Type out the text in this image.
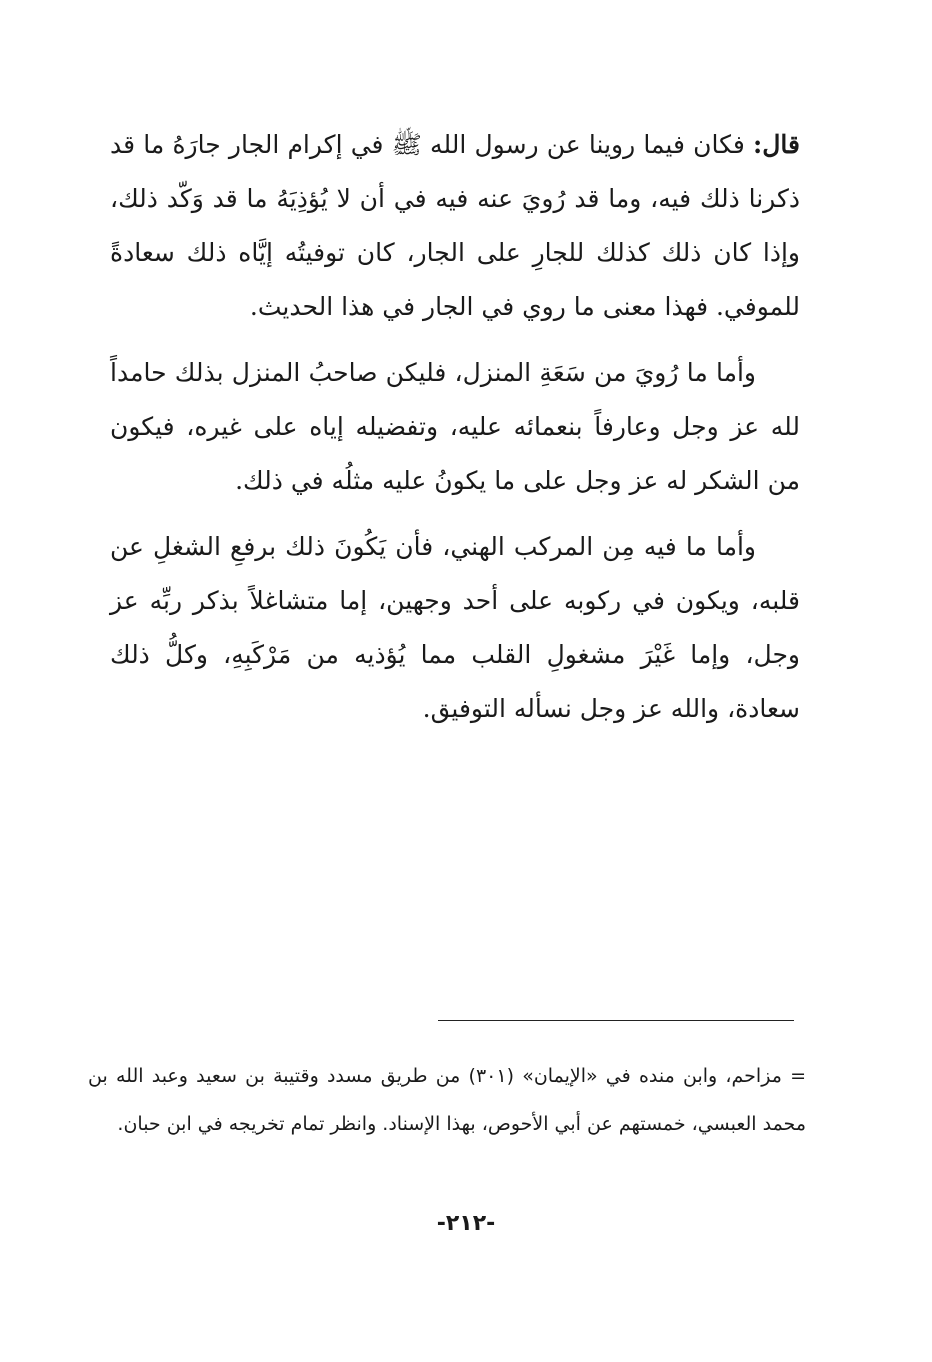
قال: فكان فيما روينا عن رسول الله ﷺ في إكرام الجار جارَهُ ما قد ذكرنا ذلك فيه، وما قد رُويَ عنه فيه في أن لا يُؤذِيَهُ ما قد وَكّد ذلك، وإذا كان ذلك كذلك للجارِ على الجار، كان توفيتُه إيَّاه ذلك سعادةً للموفي. فهذا معنى ما روي في الجار في هذا الحديث.

وأما ما رُويَ من سَعَةِ المنزل، فليكن صاحبُ المنزل بذلك حامداً لله عز وجل وعارفاً بنعمائه عليه، وتفضيله إياه على غيره، فيكون من الشكر له عز وجل على ما يكونُ عليه مثلُه في ذلك.

وأما ما فيه مِن المركب الهني، فأن يَكُونَ ذلك برفعِ الشغلِ عن قلبه، ويكون في ركوبه على أحد وجهين، إما متشاغلاً بذكر ربِّه عز وجل، وإما غَيْرَ مشغولِ القلب مما يُؤذيه من مَرْكَبِهِ، وكلُّ ذلك سعادة، والله عز وجل نسأله التوفيق.

= مزاحم، وابن منده في «الإيمان» (٣٠١) من طريق مسدد وقتيبة بن سعيد وعبد الله بن محمد العبسي، خمستهم عن أبي الأحوص، بهذا الإسناد. وانظر تمام تخريجه في ابن حبان.

-٢١٢-
